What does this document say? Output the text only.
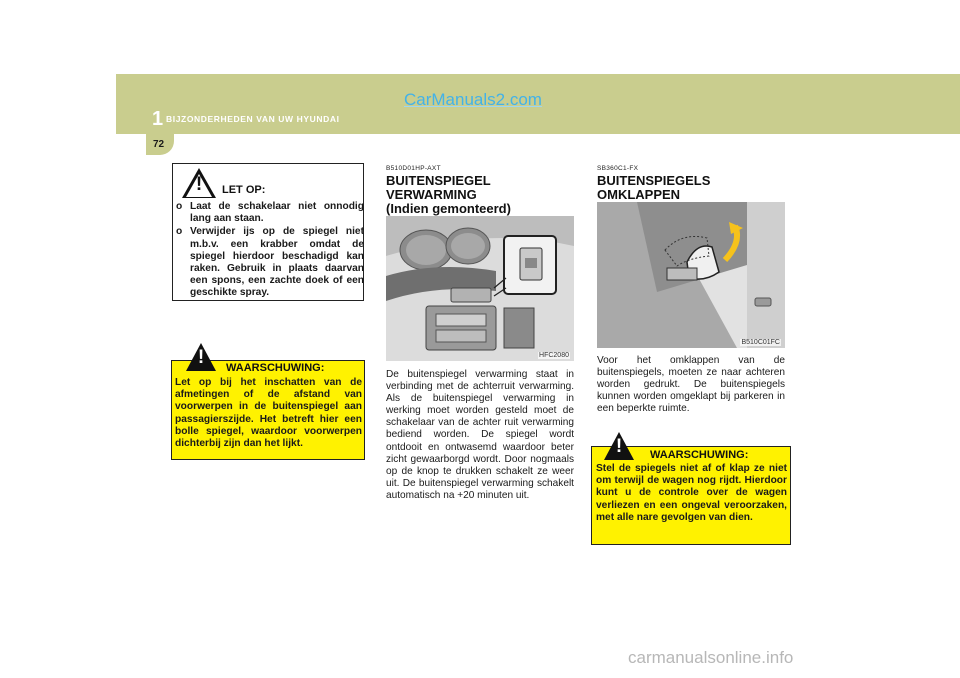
CarManuals2.com
1 BIJZONDERHEDEN VAN UW HYUNDAI
72
!	LET OP:
o Laat de schakelaar niet onnodig lang aan staan.
o Verwijder ijs op de spiegel niet m.b.v. een krabber omdat de spiegel hierdoor beschadigd kan raken. Gebruik in plaats daarvan een spons, een zachte doek of een geschikte spray.
!	WAARSCHUWING:
Let op bij het inschatten van de afmetingen of de afstand van voorwerpen in de buitenspiegel aan passagierszijde. Het betreft hier een bolle spiegel, waardoor voorwerpen dichterbij zijn dan het lijkt.
B510D01HP-AXT
BUITENSPIEGEL
VERWARMING
(Indien gemonteerd)
HFC2080
De buitenspiegel verwarming staat in verbinding met de achterruit verwarming. Als de buitenspiegel verwarming in werking moet worden gesteld moet de schakelaar van de achter ruit verwarming bediend worden. De spiegel wordt ontdooit en ontwasemd waardoor beter zicht gewaarborgd wordt. Door nogmaals op de knop te drukken schakelt ze weer uit. De buitenspiegel verwarming schakelt automatisch na +20 minuten uit.
SB360C1-FX
BUITENSPIEGELS
OMKLAPPEN
B510C01FC
Voor het omklappen van de buitenspiegels, moeten ze naar achteren worden gedrukt. De buitenspiegels kunnen worden omgeklapt bij parkeren in een beperkte ruimte.
!	WAARSCHUWING:
Stel de spiegels niet af of klap ze niet om terwijl de wagen nog rijdt. Hierdoor kunt u de controle over de wagen verliezen en een ongeval veroorzaken, met alle nare gevolgen van dien.
carmanualsonline.info
